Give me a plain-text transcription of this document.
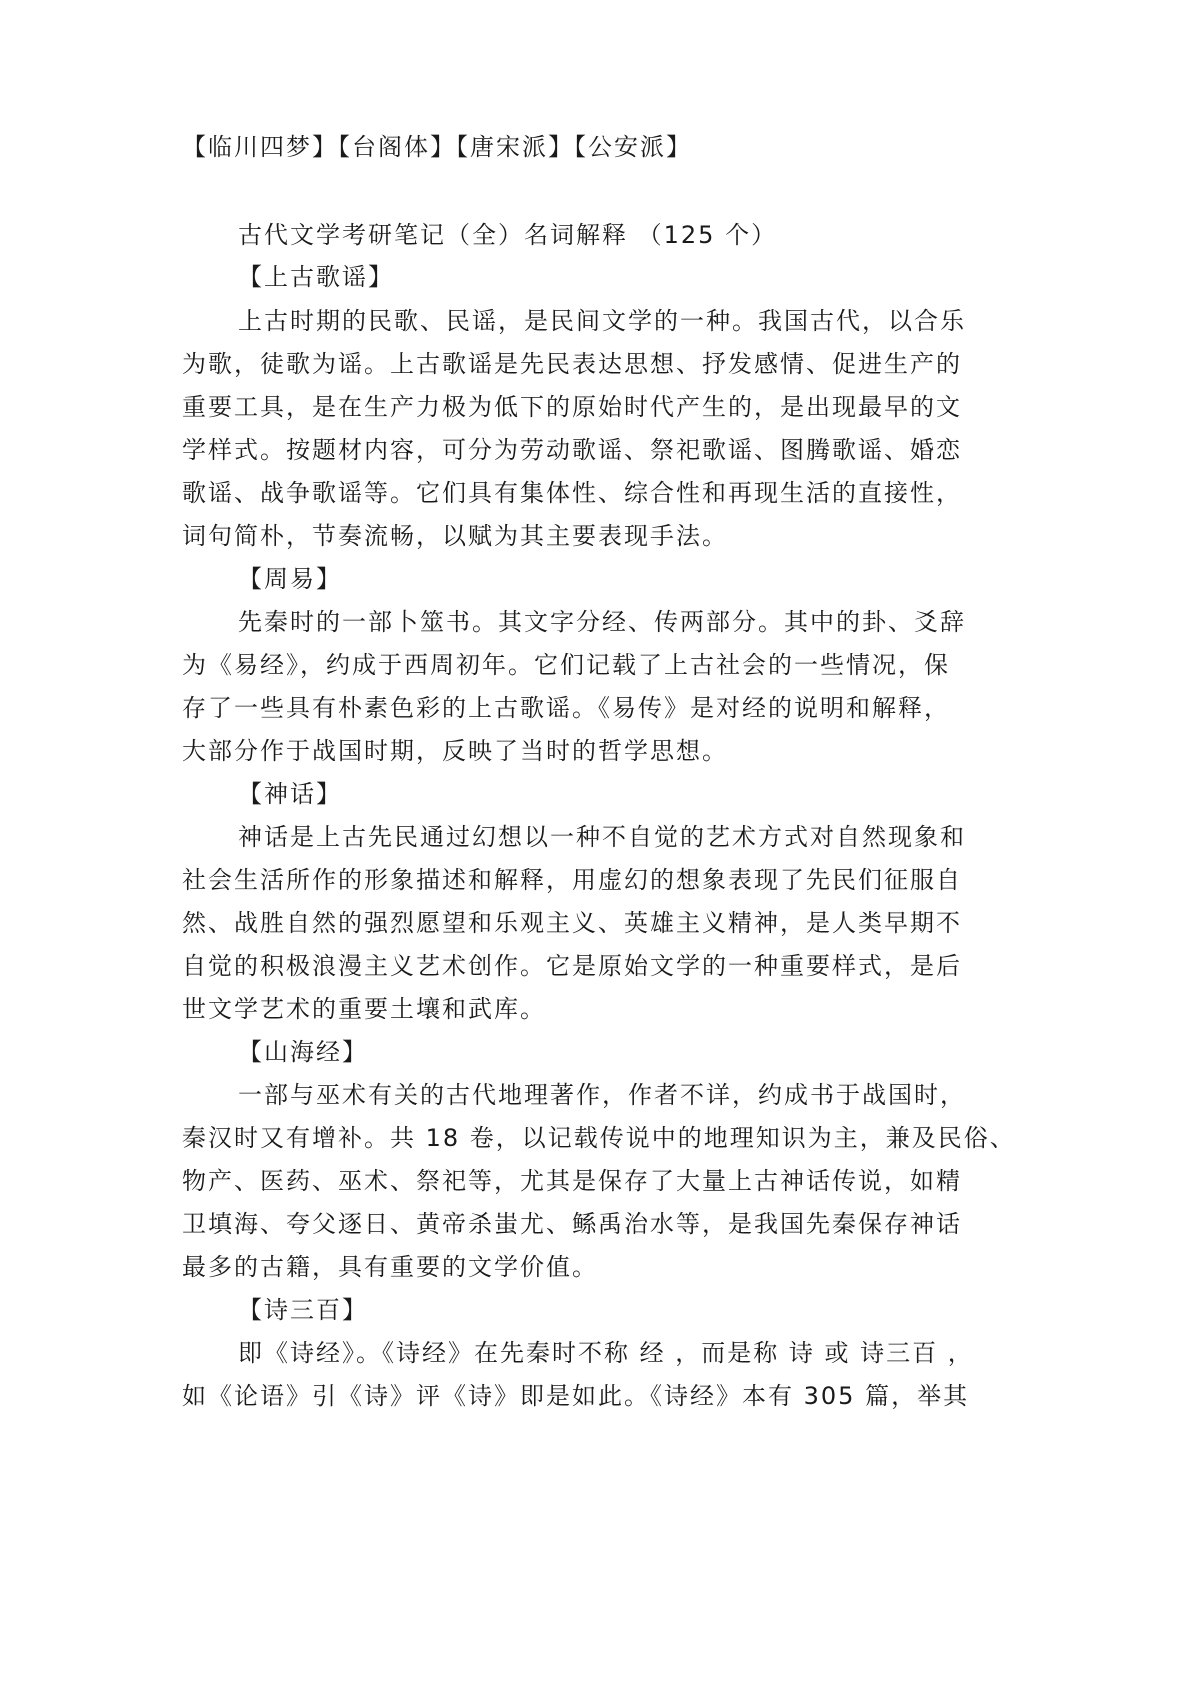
【临川四梦】【台阁体】【唐宋派】【公安派】
古代文学考研笔记（全）名词解释 （125 个）
【上古歌谣】
上古时期的民歌、民谣，是民间文学的一种。我国古代，以合乐
为歌，徒歌为谣。上古歌谣是先民表达思想、抒发感情、促进生产的
重要工具，是在生产力极为低下的原始时代产生的，是出现最早的文
学样式。按题材内容，可分为劳动歌谣、祭祀歌谣、图腾歌谣、婚恋
歌谣、战争歌谣等。它们具有集体性、综合性和再现生活的直接性，
词句简朴，节奏流畅，以赋为其主要表现手法。
【周易】
先秦时的一部卜筮书。其文字分经、传两部分。其中的卦、爻辞
为《易经》，约成于西周初年。它们记载了上古社会的一些情况，保
存了一些具有朴素色彩的上古歌谣。《易传》是对经的说明和解释，
大部分作于战国时期，反映了当时的哲学思想。
【神话】
神话是上古先民通过幻想以一种不自觉的艺术方式对自然现象和
社会生活所作的形象描述和解释，用虚幻的想象表现了先民们征服自
然、战胜自然的强烈愿望和乐观主义、英雄主义精神，是人类早期不
自觉的积极浪漫主义艺术创作。它是原始文学的一种重要样式，是后
世文学艺术的重要土壤和武库。
【山海经】
一部与巫术有关的古代地理著作，作者不详，约成书于战国时，
秦汉时又有增补。共 18 卷，以记载传说中的地理知识为主，兼及民俗、
物产、医药、巫术、祭祀等，尤其是保存了大量上古神话传说，如精
卫填海、夸父逐日、黄帝杀蚩尤、鲧禹治水等，是我国先秦保存神话
最多的古籍，具有重要的文学价值。
【诗三百】
即《诗经》。《诗经》在先秦时不称 经 ，而是称 诗 或 诗三百 ，
如《论语》引《诗》评《诗》即是如此。《诗经》本有 305 篇，举其
